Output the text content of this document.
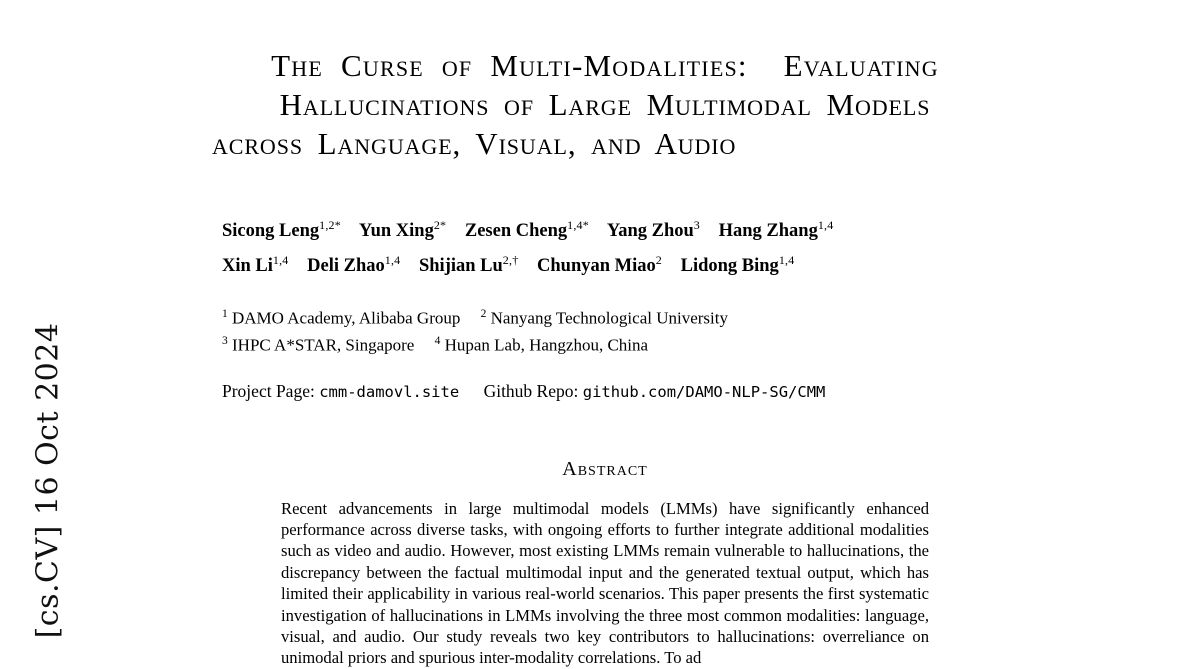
[cs.CV] 16 Oct 2024
The Curse of Multi-Modalities:  Evaluating
Hallucinations of Large Multimodal Models
across Language, Visual, and Audio
Sicong Leng$^{1,2*}$ Yun Xing$^{2*}$ Zesen Cheng$^{1,4*}$ Yang Zhou$^3$ Hang Zhang$^{1,4}$
Xin Li$^{1,4}$ Deli Zhao$^{1,4}$ Shijian $Lu^{2,\dagger}$ Chunyan Miao$^2$ Lidong Bing$^{1,4}$
$^1$ DAMO Academy, Alibaba Group $^2$ Nanyang Technological University
$^3$ IHPC A*STAR, Singapore $^4$ Hupan Lab, Hangzhou, China
Project Page: cmm-damovl.site Github Repo: github.com/DAMO-NLP-SG/CMM
Abstract

Recent advancements in large multimodal models (LMMs) have significantly enhanced performance across diverse tasks, with ongoing efforts to further integrate additional modalities such as video and audio. However, most existing LMMs remain vulnerable to hallucinations, the discrepancy between the factual multimodal input and the generated textual output, which has limited their applicability in various real-world scenarios. This paper presents the first systematic investigation of hallucinations in LMMs involving the three most common modalities: language, visual, and audio. Our study reveals two key contributors to hallucinations: overreliance on unimodal priors and spurious inter-modality correlations. To ad
